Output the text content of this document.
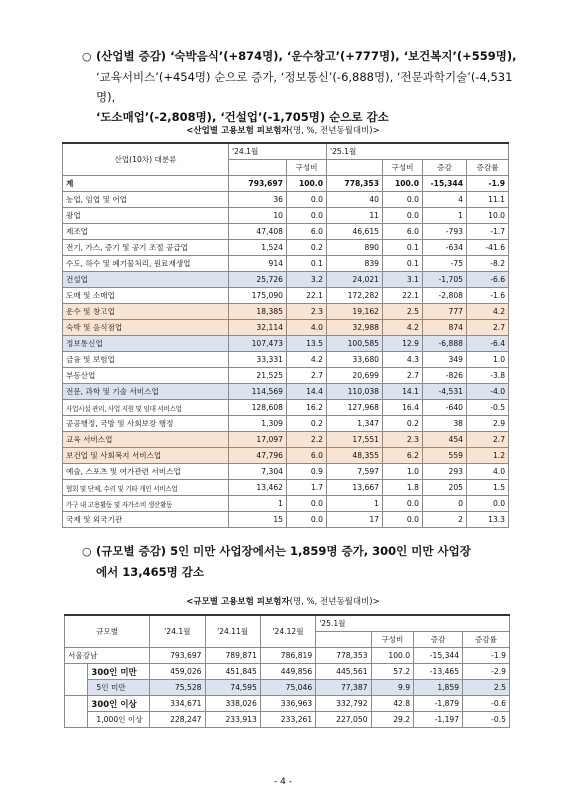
○ (산업별 증감) ‘숙박음식’(+874명), ‘운수창고’(+777명), ‘보건복지’(+559명),
‘교육서비스’(+454명) 순으로 증가, ‘정보통신’(-6,888명), ‘전문과학기술’(-4,531명),
‘도소매업’(-2,808명), ‘건설업’(-1,705명) 순으로 감소
<산업별 고용보험 피보험자(명, %, 전년동월대비)>
산업(10차) 대분류	'24.1월		'25.1월			
		구성비		구성비	증감	증감률
계	793,697	100.0	778,353	100.0	-15,344	-1.9
농업, 임업 및 어업	36	0.0	40	0.0	4	11.1
광업	10	0.0	11	0.0	1	10.0
제조업	47,408	6.0	46,615	6.0	-793	-1.7
전기, 가스, 증기 및 공기 조절 공급업	1,524	0.2	890	0.1	-634	-41.6
수도, 하수 및 폐기물처리, 원료재생업	914	0.1	839	0.1	-75	-8.2
건설업	25,726	3.2	24,021	3.1	-1,705	-6.6
도매 및 소매업	175,090	22.1	172,282	22.1	-2,808	-1.6
운수 및 창고업	18,385	2.3	19,162	2.5	777	4.2
숙박 및 음식점업	32,114	4.0	32,988	4.2	874	2.7
정보통신업	107,473	13.5	100,585	12.9	-6,888	-6.4
금융 및 보험업	33,331	4.2	33,680	4.3	349	1.0
부동산업	21,525	2.7	20,699	2.7	-826	-3.8
전문, 과학 및 기술 서비스업	114,569	14.4	110,038	14.1	-4,531	-4.0
사업시설 관리, 사업 지원 및 임대 서비스업	128,608	16.2	127,968	16.4	-640	-0.5
공공행정, 국방 및 사회보장 행정	1,309	0.2	1,347	0.2	38	2.9
교육 서비스업	17,097	2.2	17,551	2.3	454	2.7
보건업 및 사회복지 서비스업	47,796	6.0	48,355	6.2	559	1.2
예술, 스포츠 및 여가관련 서비스업	7,304	0.9	7,597	1.0	293	4.0
협회 및 단체, 수리 및 기타 개인 서비스업	13,462	1.7	13,667	1.8	205	1.5
가구 내 고용활동 및 자가소비 생산활동	1	0.0	1	0.0	0	0.0
국제 및 외국기관	15	0.0	17	0.0	2	13.3
○ (규모별 증감) 5인 미만 사업장에서는 1,859명 증가, 300인 미만 사업장
에서 13,465명 감소
<규모별 고용보험 피보험자(명, %, 전년동월대비)>
규모별		'24.1월	'24.11월	'24.12월	'25.1월			
						구성비	증감	증감률
서울강남		793,697	789,871	786,819	778,353	100.0	-15,344	-1.9
	300인 미만	459,026	451,845	449,856	445,561	57.2	-13,465	-2.9
	5인 미만	75,528	74,595	75,046	77,387	9.9	1,859	2.5
	300인 이상	334,671	338,026	336,963	332,792	42.8	-1,879	-0.6
	1,000인 이상	228,247	233,913	233,261	227,050	29.2	-1,197	-0.5
- 4 -
